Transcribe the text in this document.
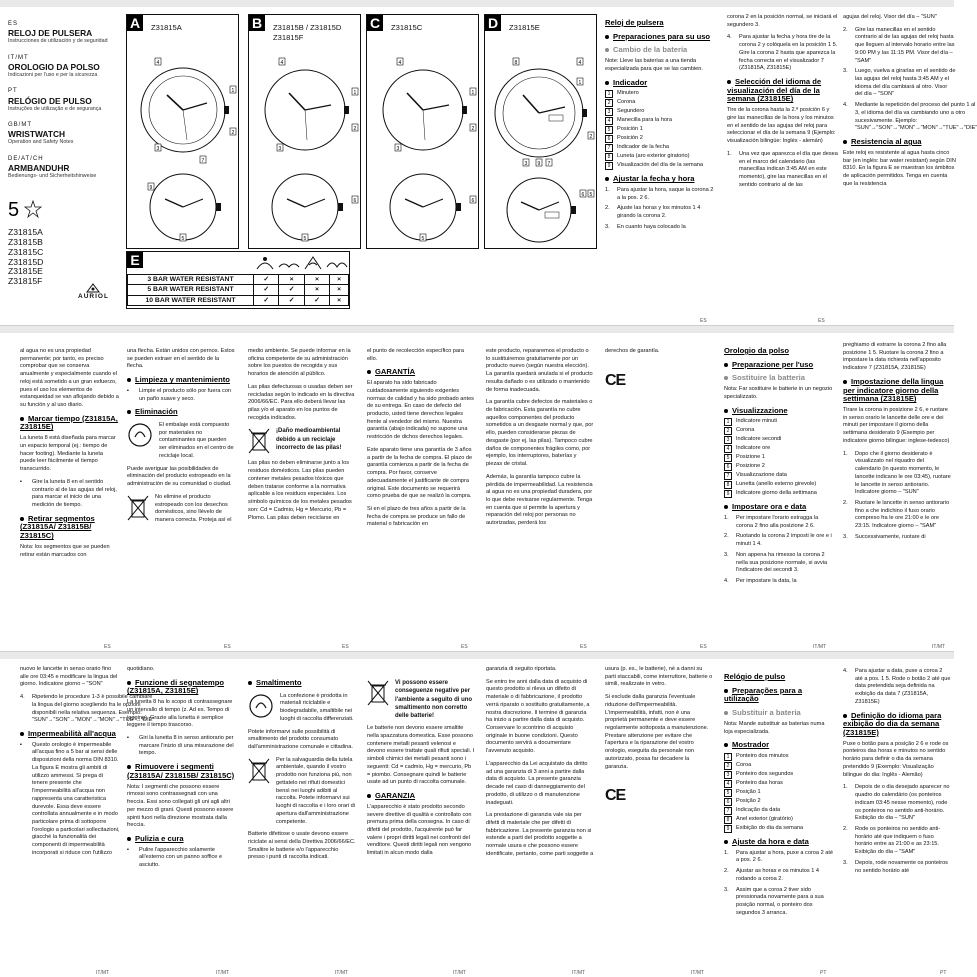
ES
RELOJ DE PULSERA
Instrucciones de utilización y de seguridad
IT/MT
OROLOGIO DA POLSO
Indicazioni per l'uso e per la sicurezza
PT
RELÓGIO DE PULSO
Instruções de utilização e de segurança
GB/MT
WRISTWATCH
Operation and Safety Notes
DE/AT/CH
ARMBANDUHR
Bedienungs- und Sicherheitshinweise
5
Z31815A
Z31815B
Z31815C
Z31815D
Z31815E
Z31815F
AURIOL
A	Z31815A
4
3
1
2
7
9
5
B	Z31815B / Z31815D
Z31815F
4
1
2
3
6
5
C	Z31815C
4
1
2
3
6
5
D	Z31815E
8	4
1
2
3 9 7
6 5
E
3 BAR WATER RESISTANT	✓	×	×	×
5 BAR WATER RESISTANT	✓	✓	×	×
10 BAR WATER RESISTANT	✓	✓	✓	×
Reloj de pulsera
Preparaciones para su uso
Cambio de la batería
Note: Lleve las baterías a una tienda especializada para que se las cambien.
Indicador
1	Minutero
2	Corona
3	Segundero
4	Manecilla para la hora
5	Posición 1
6	Posición 2
7	Indicador de la fecha
8	Luneta (aro exterior giratorio)
9	Visualización del día de la semana
Ajustar la fecha y hora
1.	Para ajustar la hora, saque la corona 2 a la pos. 2 6.
2.	Ajuste las horas y los minutos 1 4 girando la corona 2.
3.	En cuanto haya colocado la
corona 2 en la posición normal, se iniciará el segundero 3.
4.	Para ajustar la fecha y hora tire de la corona 2 y colóquela en la posición 1 5. Gire la corona 2 hasta que aparezca la fecha correcta en el visualizador 7 (Z31815A, Z31815E)
Selección del idioma de visualización del día de la semana (Z31815E)
Tire de la corona hasta la 2.ª posición 6 y gire las manecillas de la hora y los minutos en el sentido de las agujas del reloj para seleccionar el día de la semana 9 (Ejemplo: visualización bilingüe: Inglés - alemán)
1.	Una vez que aparezca el día que desea en el marco del calendario (las manecillas indican 3:45 AM en este momento), gire las manecillas en el sentido contrario al de las
agujas del reloj. Visor del día – "SUN"
2.	Gire las manecillas en el sentido contrario al de las agujas del reloj hasta que lleguen al intervalo horario entre las 9:00 PM y las 11:15 PM. Visor del día – "SAM"
3.	Luego, vuelva a girarlas en el sentido de las agujas del reloj hasta 3:45 AM y el idioma del día cambiará al otro. Visor del día – "SON"
4.	Mediante la repetición del proceso del punto 1 al 3, el idioma del día va cambiando uno a otro sucesivamente. Ejemplo: "SUN"→"SON"→"MON"→"MON"→"TUE"→"DIE"
Resistencia al agua
Este reloj es resistente al agua hasta cinco bar (en inglés: bar water resistant) según DIN 8310. En la figura E se muestran los ámbitos de aplicación permitidos. Tenga en cuenta que la resistencia
ES	ES
al agua no es una propiedad permanente; por tanto, es preciso comprobar que se conserva anualmente y especialmente cuando el reloj está sometido a un gran esfuerzo, pues el uso los elementos de estanqueidad se van aflojando debido a su función y al uso diario.
Marcar tiempo (Z31815A, Z31815E)
La luneta 8 está diseñada para marcar un espacio temporal (ej.: tiempo de hacer footing). Mediante la luneta puede leer fácilmente el tiempo transcurrido.
▪	Gire la luneta 8 en el sentido contrario al de las agujas del reloj, para marcar el inicio de una medición de tiempo.
Retirar segmentos (Z31815A/ Z31815B/ Z31815C)
Nota: los segmentos que se pueden retirar están marcados con
una flecha. Están unidos con pernos. Estos se pueden extraer en el sentido de la flecha.
Limpieza y mantenimiento
▪	Limpie el producto sólo por fuera con un paño suave y seco.
Eliminación
El embalaje está compuesto por materiales no contaminantes que pueden ser eliminados en el centro de reciclaje local.
Puede averiguar las posibilidades de eliminación del producto estropeado en la administración de su comunidad o ciudad.
No elimine el producto estropeado con los desechos domésticos, sino llévelo de manera correcta. Proteja así el
medio ambiente. Se puede informar en la oficina competente de su administración sobre los puestos de recogida y sus horarios de atención al público.
Las pilas defectuosas o usadas deben ser recicladas según lo indicado en la directiva 2006/66/EC. Para ello deberá llevar las pilas y/o el aparato en los puntos de recogida indicados.
¡Daño medioambiental debido a un reciclaje incorrecto de las pilas!
Las pilas no deben eliminarse junto a los residuos domésticos. Las pilas pueden contener metales pesados tóxicos que deben tratarse conforme a la normativa aplicable a los residuos especiales. Los símbolo químicos de los metales pesados son: Cd = Cadmio, Hg = Mercurio, Pb = Plomo. Las pilas deben reciclarse en
el punto de recolección específico para ello.
GARANTÍA
El aparato ha sido fabricado cuidadosamente siguiendo exigentes normas de calidad y ha sido probado antes de su entrega. En caso de defecto del producto, usted tiene derechos legales frente al vendedor del mismo. Nuestra garantía (abajo indicada) no supone una restricción de dichos derechos legales.
Este aparato tiene una garantía de 3 años a partir de la fecha de compra. El plazo de garantía comienza a partir de la fecha de compra. Por favor, conserve adecuadamente el justificante de compra original. Este documento se requerirá como prueba de que se realizó la compra.
Si en el plazo de tres años a partir de la fecha de compra se produce un fallo de material o fabricación en
este producto, repararemos el producto o lo sustituiremos gratuitamente por un producto nuevo (según nuestra elección). La garantía quedará anulada si el producto resulta dañado o es utilizado o mantenido de forma inadecuada.
La garantía cubre defectos de materiales o de fabricación. Esta garantía no cubre aquellos componentes del producto sometidos a un desgaste normal y que, por ello, pueden considerarse piezas de desgaste (por ej. las pilas). Tampoco cubre daños de componentes frágiles como, por ejemplo, los interruptores, baterías y piezas de cristal.
Además, la garantía tampoco cubre la pérdida de impermeabilidad. La resistencia al agua no es una propiedad duradera, por lo que debe revisarse regularmente. Tenga en cuenta que si permite la apertura y reparación del reloj por personas no autorizadas, perderá los
derechos de garantía.
CE
Orologio da polso
Preparazione per l'uso
Sostituire la batteria
Nota: Far sostituire le batterie in un negozio specializzato.
Visualizzazione
1	Indicatore minuti
2	Corona
3	Indicatore secondi
4	Indicatore ore
5	Posizione 1
6	Posizione 2
7	Visualizzazione data
8	Lunetta (anello esterno girevole)
9	Indicatore giorno della settimana
Impostare ora e data
1.	Per impostare l'orario estragga la corona 2 fino alla posizione 2 6.
2.	Ruotando la corona 2 imposti le ore e i minuti 1 4.
3.	Non appena ha rimesso la corona 2 nella sua posizione normale, si avvia l'indicatore dei secondi 3.
4.	Per impostare la data, la
preghiamo di estrarre la corona 2 fino alla posizione 1 5. Ruotare la corona 2 fino a impostare la data richiesta nell'apposito indicatore 7 (Z31815A, Z31815E)
Impostazione della lingua per indicatore giorno della settimana (Z31815E)
Tirare la corona in posizione 2 6, e ruotare in senso orario le lancette delle ore e dei minuti per impostare il giorno della settimana desiderato 9 (Esempio per indicatore giorno bilingue: inglese-tedesco)
1.	Dopo che il giorno desiderato è visualizzato nel riquadro del calendario (in questo momento, le lancette indicano le ore 03:45), ruotare le lancette in senso antiorario. Indicatore giorno – "SUN"
2.	Ruotare le lancette in senso antiorario fino a che indichino il fuso orario compreso fra le ore 21:00 e le ore 23:15. Indicatore giorno – "SAM"
3.	Successivamente, ruotare di
ES	ES	ES	ES	ES	ES	IT/MT	IT/MT
nuovo le lancette in senso orario fino alle ore 03:45 e modificare la lingua del giorno. Indicatore giorno – "SON"
4.	Ripetendo le procedure 1-3 è possibile cambiare la lingua del giorno scegliendo fra le opzioni disponibili nella relativa sequenza. Esempio: "SUN"→"SON"→"MON"→"MON"→"TUE"→"DIE"
Impermeabilità all'acqua
▪	Questo orologio è impermeabile all'acqua fino a 5 bar ai sensi delle disposizioni della norma DIN 8310. La figura E mostra gli ambiti di utilizzo ammessi. Si prega di tenere presente che l'impermeabilità all'acqua non rappresenta una caratteristica durevole. Essa deve essere controllata annualmente e in modo particolare prima di sottoporre l'orologio a particolari sollecitazioni, giacché la funzionalità dei componenti di impermeabilità incorporati si riduce con l'utilizzo
quotidiano.
Funzione di segnatempo (Z31815A, Z31815E)
La lunetta 8 ha lo scopo di contrassegnare un intervallo di tempo (z. Ad es. Tempo di jogging). Grazie alla lunetta è semplice leggere il tempo trascorso.
▪	Giri la lunetta 8 in senso antiorario per marcare l'inizio di una misurazione del tempo.
Rimuovere i segmenti (Z31815A/ Z31815B/ Z31815C)
Nota: I segmenti che possono essere rimossi sono contrassegnati con una freccia. Essi sono collegati gli uni agli altri per mezzo di grani. Questi possono essere spinti fuori nella direzione mostrata dalla freccia.
Pulizia e cura
▪	Pulire l'apparecchio solamente all'esterno con un panno soffice e asciutto.
Smaltimento
La confezione è prodotta in materiali riciclabile e biodegradabile, smaltibile nei luoghi di raccolta differenziati.
Potete informarvi sulle possibilità di smaltimento del prodotto consumato dall'amministrazione comunale e cittadina.
Per la salvaguardia della tutela ambientale, quando il vostro prodotto non funziona più, non gettatelo nei rifiuti domestici bensì nei luoghi adibiti al raccolta. Potete informarvi sui luoghi di raccolta e i loro orari di apertura dall'amministrazione competente.
Batterie difettose o usate devono essere riciclate ai sensi della Direttiva 2006/66/EC. Smaltire le batterie e/o l'apparecchio presso i punti di raccolta indicati.
Vi possono essere conseguenze negative per l'ambiente a seguito di uno smaltimento non corretto delle batterie!
Le batterie non devono essere smaltite nella spazzatura domestica. Esse possono contenere metalli pesanti velenosi e devono essere trattate quali rifiuti speciali. I simboli chimici dei metalli pesanti sono i seguenti: Cd = cadmio, Hg = mercurio, Pb = piombo. Consegnare quindi le batterie usate ad un punto di raccolta comunale.
GARANZIA
L'apparecchio è stato prodotto secondo severe direttive di qualità e controllato con premura prima della consegna. In caso di difetti del prodotto, l'acquirente può far valere i propri diritti legali nei confronti del venditore. Questi diritti legali non vengono limitati in alcun modo dalla
garanzia di seguito riportata.
Se entro tre anni dalla data di acquisto di questo prodotto si rileva un difetto di materiale o di fabbricazione, il prodotto verrà riparato o sostituito gratuitamente, a nostra discrezione. Il termine di garanzia ha inizio a partire dalla data di acquisto. Conservare lo scontrino di acquisto originale in buone condizioni. Questo documento servirà a documentare l'avvenuto acquisto.
L'apparecchio da Lei acquistato da diritto ad una garanzia di 3 anni a partire dalla data di acquisto. La presente garanzia decade nel caso di danneggiamento del prodotto, di utilizzo o di manutenzione inadeguati.
La prestazione di garanzia vale sia per difetti di materiale che per difetti di fabbricazione. La presente garanzia non si estende a parti del prodotto soggette a normale usura e che possono essere identificate, pertanto, come parti soggette a
usura (p. es., le batterie), né a danni su parti staccabili, come interruttore, batterie o simili, realizzate in vetro.
Si esclude dalla garanzia l'eventuale riduzione dell'impermeabilità. L'impermeabilità, infatti, non è una proprietà permanente e deve essere regolarmente sottoposta a manutenzione. Prestare attenzione per evitare che l'apertura e la riparazione del vostro orologio, eseguita da personale non autorizzato, possa far decadere la garanzia.
CE
Relógio de pulso
Preparações para a utilização
Substituir a bateria
Nota: Mande substituir as baterias numa loja especializada.
Mostrador
1	Ponteiro dos minutos
2	Coroa
3	Ponteiro dos segundos
4	Ponteiro das horas
5	Posição 1
6	Posição 2
7	Indicação da data
8	Anel exterior (giratório)
9	Exibição do dia da semana
Ajuste da hora e data
1.	Para ajustar a hora, puxe a coroa 2 até a pos. 2 6.
2.	Ajustar as horas e os minutos 1 4 rodando a coroa 2.
3.	Assim que a coroa 2 tiver sido pressionada novamente para a sua posição normal, o ponteiro dos segundos 3 arranca.
4.	Para ajustar a data, puxe a coroa 2 até a pos. 1 5. Rode o botão 2 até que data pretendida seja definida na exibição da data 7 (Z31815A, Z31815E)
Definição do idioma para exibição do dia da semana (Z31815E)
Puxe o botão para a posição 2 6 e rode os ponteiros das horas e minutos no sentido horário para definir o dia da semana pretendido 9 (Exemplo: Visualização bilingue do dia: Inglês - Alemão)
1.	Depois de o dia desejado aparecer no quadro do calendário (os ponteiros indicam 03:45 nesse momento), rode os ponteiros no sentido anti-horário. Exibição do dia – "SUN"
2.	Rode os ponteiros no sentido anti-horário até que indiquem o fuso horário entre as 21:00 e as 23:15. Exibição do dia – "SAM"
3.	Depois, rode novamente os ponteiros no sentido horário até
IT/MT	IT/MT	IT/MT	IT/MT	IT/MT	IT/MT	PT	PT
